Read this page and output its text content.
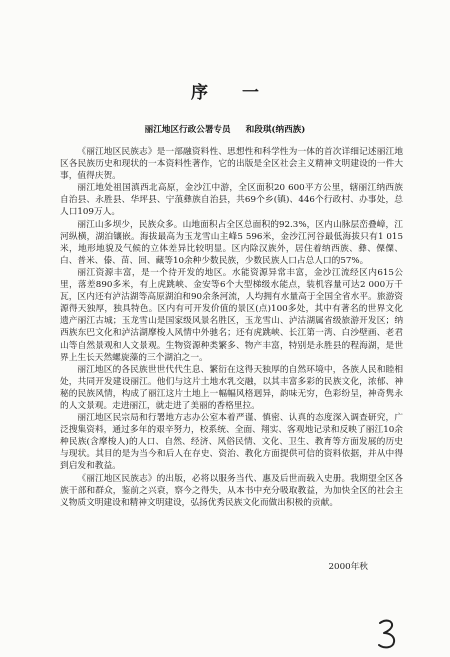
序 一
丽江地区行政公署专员 和段琪(纳西族)

《丽江地区民族志》是一部融资料性、思想性和科学性为一体的首次详细记述丽江地区各民族历史和现状的一本资料性著作，它的出版是全区社会主义精神文明建设的一件大事，值得庆贺。

丽江地处祖国滇西北高原，金沙江中游，全区面积20 600平方公里，辖丽江纳西族自治县、永胜县、华坪县、宁蒗彝族自治县，共69个乡(镇)、446个行政村、办事处，总人口109万人。

丽江山多坝少，民族众多。山地面积占全区总面积的92.3%，区内山脉层峦叠嶂，江河纵横，湖泊镶嵌。海拔最高为玉龙雪山主峰5 596米，金沙江河谷最低海拔只有1 015米，地形地貌及气候的立体差异比较明显。区内除汉族外，居住着纳西族、彝、傈僳、白、普米、傣、苗、回、藏等10余种少数民族，少数民族人口占总人口的57%。

丽江资源丰富，是一个待开发的地区。水能资源异常丰富，金沙江流经区内615公里，落差890多米，有上虎跳峡、金安等6个大型梯级水能点，装机容量可达2 000万千瓦，区内还有泸沽湖等高原湖泊和90余条河流，人均拥有水量高于全国全省水平。旅游资源得天独厚，独具特色。区内有可开发价值的景区(点)100多处，其中有著名的世界文化遗产丽江古城；玉龙雪山是国家级风景名胜区，玉龙雪山、泸沽湖属省级旅游开发区；纳西族东巴文化和泸沽湖摩梭人风情中外驰名；还有虎跳峡、长江第一湾、白沙壁画、老君山等自然景观和人文景观。生物资源种类繁多、物产丰富，特别是永胜县的程海湖，是世界上生长天然螺旋藻的三个湖泊之一。

丽江地区的各民族世世代代生息、繁衍在这得天独厚的自然环境中，各族人民和睦相处，共同开发建设丽江。他们与这片土地水乳交融，以其丰富多彩的民族文化，浓郁、神秘的民族风情，构成了丽江这片土地上一幅幅风格迥异，韵味无穷，色彩纷呈，神奇隽永的人文景观。走进丽江，就走进了美丽的香格里拉。

丽江地区民宗局和行署地方志办公室本着严谨、慎密、认真的态度深入调查研究，广泛搜集资料，通过多年的艰辛努力，校系统、全面、翔实、客观地记录和反映了丽江10余种民族(含摩梭人)的人口、自然、经济、风俗民情、文化、卫生、教育等方面发展的历史与现状。其目的是为当今和后人在存史、资治、教化方面提供可信的资料依据，并从中得到启发和教益。

《丽江地区民族志》的出版，必将以服务当代、惠及后世而载入史册。我期望全区各族干部和群众，鉴前之兴衰，察今之得失，从本书中充分吸取教益，为加快全区的社会主义物质文明建设和精神文明建设，弘扬优秀民族文化而做出积极的贡献。

2000年秋
